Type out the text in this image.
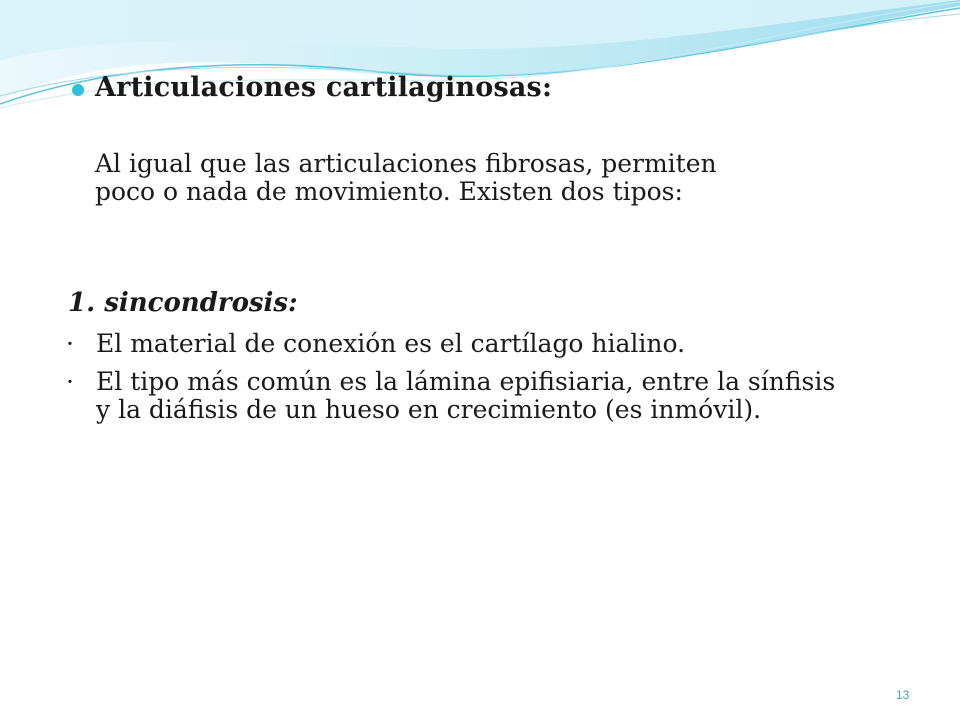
Articulaciones cartilaginosas:
Al igual que las articulaciones fibrosas, permiten
poco o nada de movimiento. Existen dos tipos:
1. sincondrosis:
· El material de conexión es el cartílago hialino.
· El tipo más común es la lámina epifisiaria, entre la sínfisis y la diáfisis de un hueso en crecimiento (es inmóvil).
13
